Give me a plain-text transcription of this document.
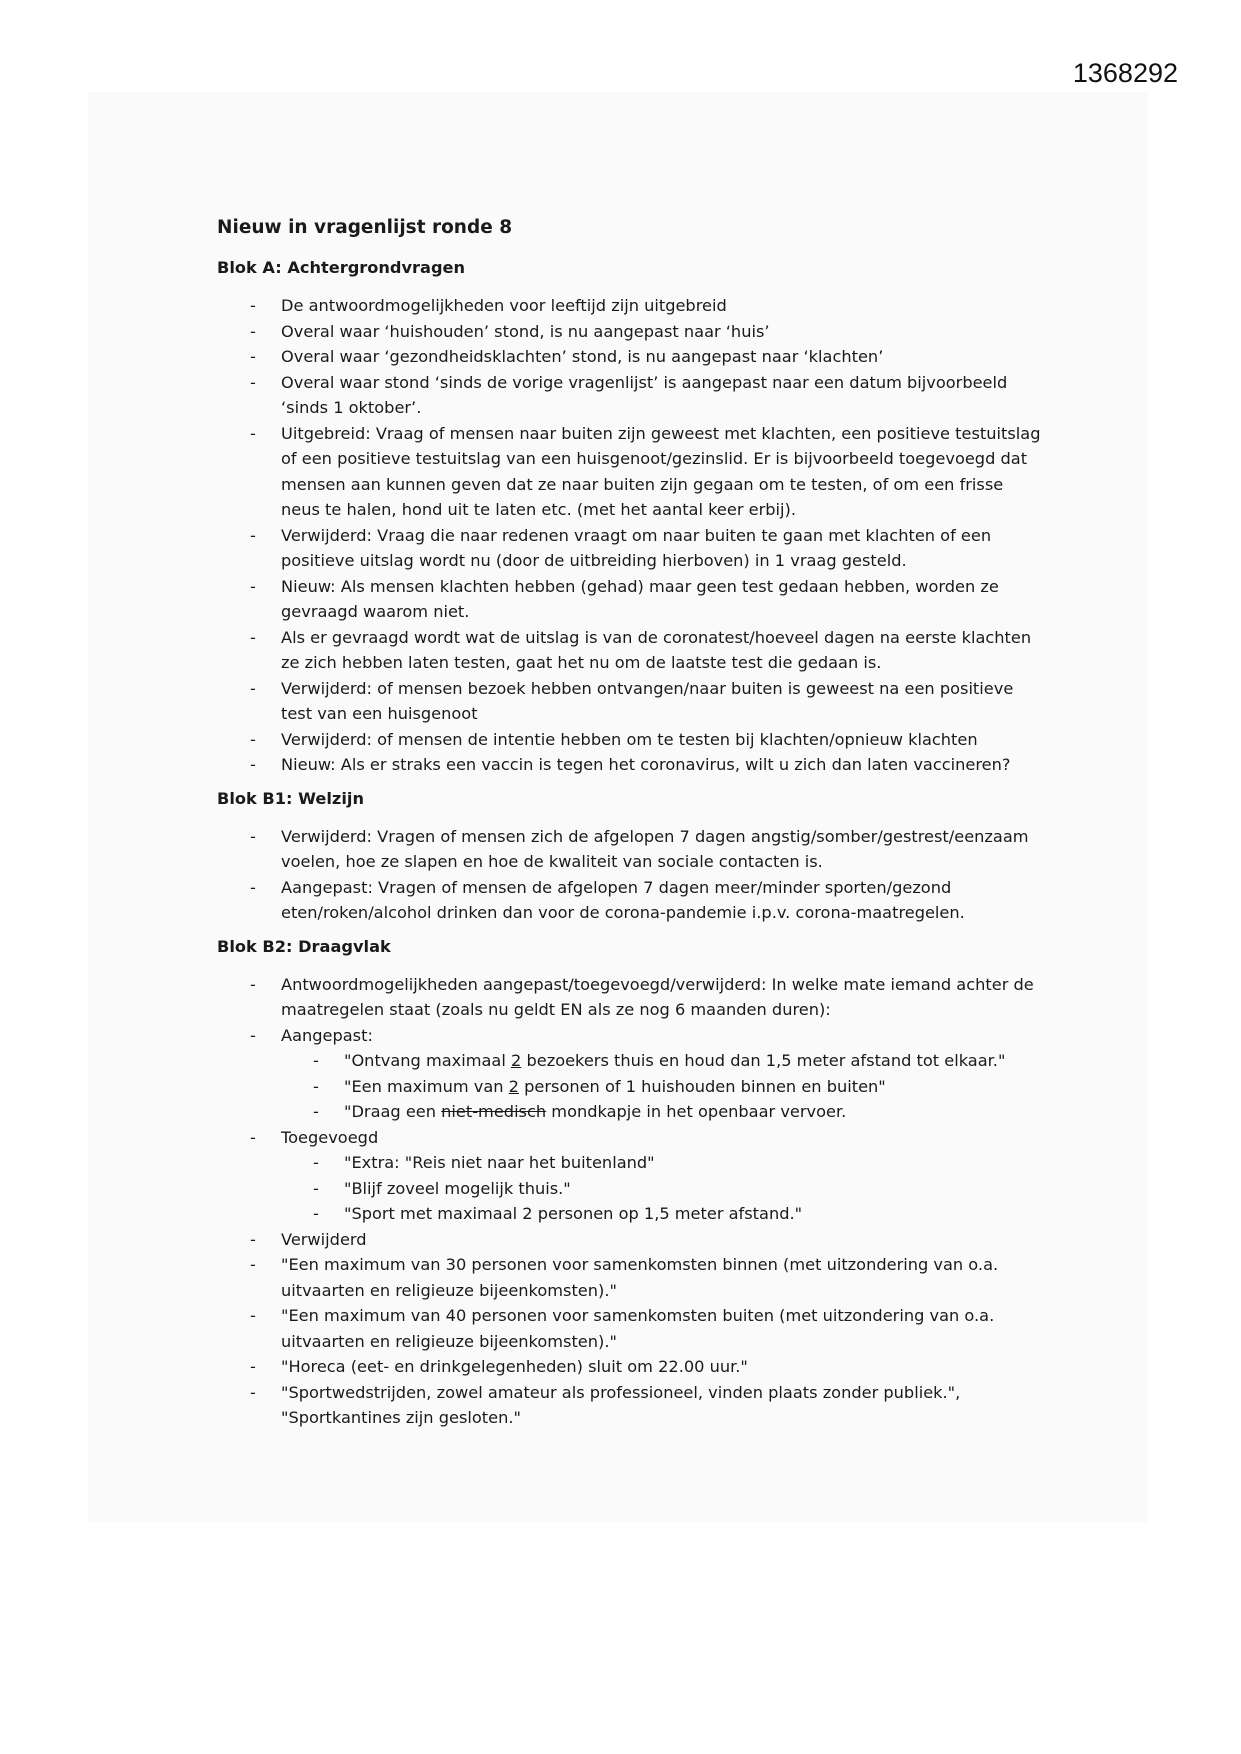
1368292
Nieuw in vragenlijst ronde 8
Blok A: Achtergrondvragen
- De antwoordmogelijkheden voor leeftijd zijn uitgebreid
- Overal waar ‘huishouden’ stond, is nu aangepast naar ‘huis’
- Overal waar ‘gezondheidsklachten’ stond, is nu aangepast naar ‘klachten’
- Overal waar stond ‘sinds de vorige vragenlijst’ is aangepast naar een datum bijvoorbeeld ‘sinds 1 oktober’.
- Uitgebreid: Vraag of mensen naar buiten zijn geweest met klachten, een positieve testuitslag of een positieve testuitslag van een huisgenoot/gezinslid. Er is bijvoorbeeld toegevoegd dat mensen aan kunnen geven dat ze naar buiten zijn gegaan om te testen, of om een frisse neus te halen, hond uit te laten etc. (met het aantal keer erbij).
- Verwijderd: Vraag die naar redenen vraagt om naar buiten te gaan met klachten of een positieve uitslag wordt nu (door de uitbreiding hierboven) in 1 vraag gesteld.
- Nieuw: Als mensen klachten hebben (gehad) maar geen test gedaan hebben, worden ze gevraagd waarom niet.
- Als er gevraagd wordt wat de uitslag is van de coronatest/hoeveel dagen na eerste klachten ze zich hebben laten testen, gaat het nu om de laatste test die gedaan is.
- Verwijderd: of mensen bezoek hebben ontvangen/naar buiten is geweest na een positieve test van een huisgenoot
- Verwijderd: of mensen de intentie hebben om te testen bij klachten/opnieuw klachten
- Nieuw: Als er straks een vaccin is tegen het coronavirus, wilt u zich dan laten vaccineren?
Blok B1: Welzijn
- Verwijderd: Vragen of mensen zich de afgelopen 7 dagen angstig/somber/gestrest/eenzaam voelen, hoe ze slapen en hoe de kwaliteit van sociale contacten is.
- Aangepast: Vragen of mensen de afgelopen 7 dagen meer/minder sporten/gezond eten/roken/alcohol drinken dan voor de corona-pandemie i.p.v. corona-maatregelen.
Blok B2: Draagvlak
- Antwoordmogelijkheden aangepast/toegevoegd/verwijderd: In welke mate iemand achter de maatregelen staat (zoals nu geldt EN als ze nog 6 maanden duren):
- Aangepast:
- "Ontvang maximaal 2 bezoekers thuis en houd dan 1,5 meter afstand tot elkaar."
- "Een maximum van 2 personen of 1 huishouden binnen en buiten"
- "Draag een niet-medisch mondkapje in het openbaar vervoer.
- Toegevoegd
- "Extra: "Reis niet naar het buitenland"
- "Blijf zoveel mogelijk thuis."
- "Sport met maximaal 2 personen op 1,5 meter afstand."
- Verwijderd
- "Een maximum van 30 personen voor samenkomsten binnen (met uitzondering van o.a. uitvaarten en religieuze bijeenkomsten)."
- "Een maximum van 40 personen voor samenkomsten buiten (met uitzondering van o.a. uitvaarten en religieuze bijeenkomsten)."
- "Horeca (eet- en drinkgelegenheden) sluit om 22.00 uur."
- "Sportwedstrijden, zowel amateur als professioneel, vinden plaats zonder publiek.", "Sportkantines zijn gesloten."
